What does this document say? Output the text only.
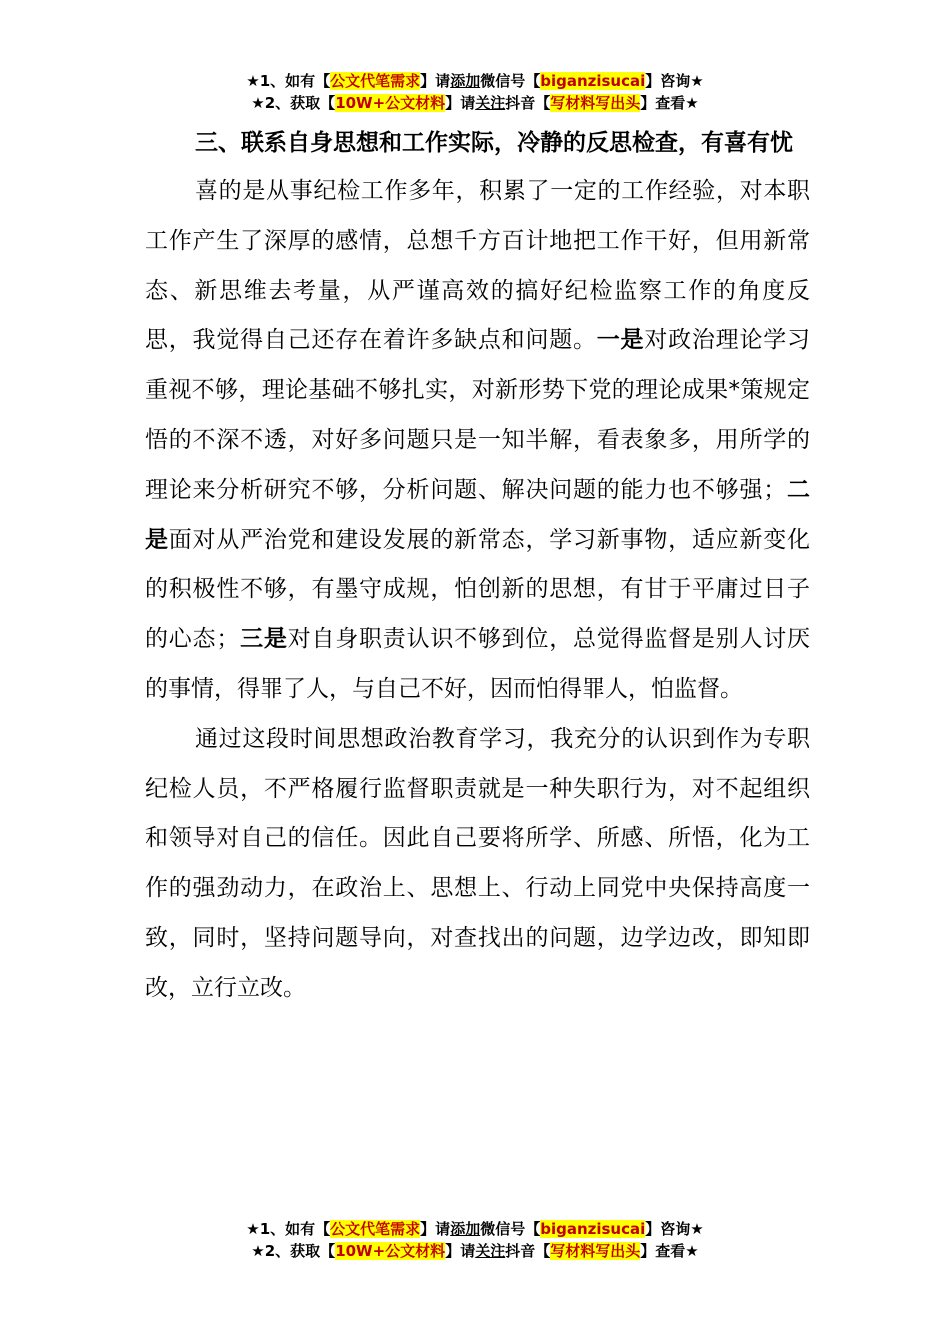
★1、如有【公文代笔需求】请添加微信号【biganzisucai】咨询★
★2、获取【10W+公文材料】请关注抖音【写材料写出头】查看★
三、联系自身思想和工作实际，冷静的反思检查，有喜有忧

喜的是从事纪检工作多年，积累了一定的工作经验，对本职工作产生了深厚的感情，总想千方百计地把工作干好，但用新常态、新思维去考量，从严谨高效的搞好纪检监察工作的角度反思，我觉得自己还存在着许多缺点和问题。一是对政治理论学习重视不够，理论基础不够扎实，对新形势下党的理论成果*策规定悟的不深不透，对好多问题只是一知半解，看表象多，用所学的理论来分析研究不够，分析问题、解决问题的能力也不够强；二是面对从严治党和建设发展的新常态，学习新事物，适应新变化的积极性不够，有墨守成规，怕创新的思想，有甘于平庸过日子的心态；三是对自身职责认识不够到位，总觉得监督是别人讨厌的事情，得罪了人，与自己不好，因而怕得罪人，怕监督。

通过这段时间思想政治教育学习，我充分的认识到作为专职纪检人员，不严格履行监督职责就是一种失职行为，对不起组织和领导对自己的信任。因此自己要将所学、所感、所悟，化为工作的强劲动力，在政治上、思想上、行动上同党中央保持高度一致，同时，坚持问题导向，对查找出的问题，边学边改，即知即改，立行立改。

★1、如有【公文代笔需求】请添加微信号【biganzisucai】咨询★
★2、获取【10W+公文材料】请关注抖音【写材料写出头】查看★
